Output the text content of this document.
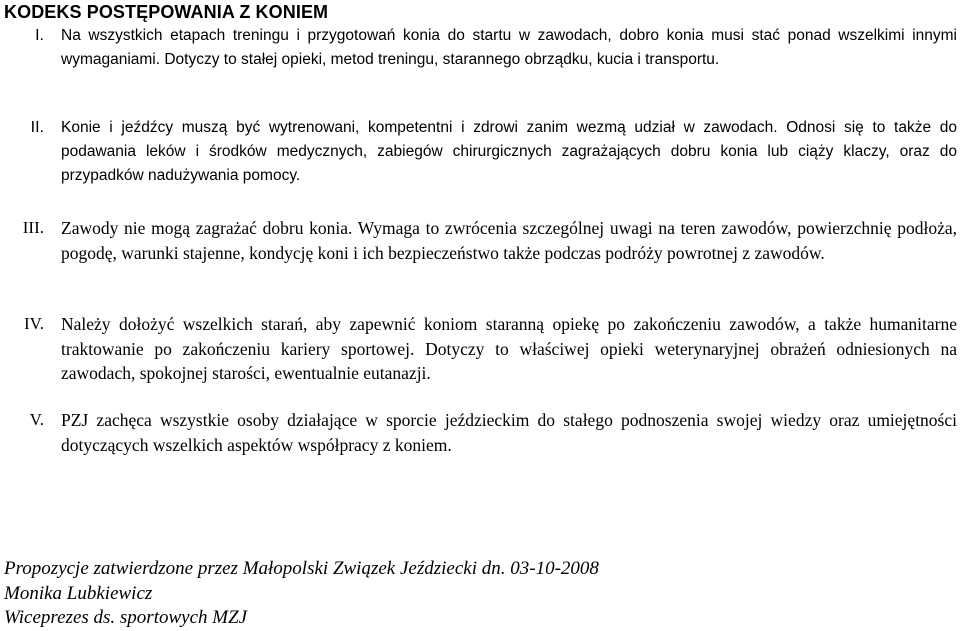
KODEKS POSTĘPOWANIA Z KONIEM
I. Na wszystkich etapach treningu i przygotowań konia do startu w zawodach, dobro konia musi stać ponad wszelkimi innymi wymaganiami. Dotyczy to stałej opieki, metod treningu, starannego obrządku, kucia i transportu.

II. Konie i jeźdźcy muszą być wytrenowani, kompetentni i zdrowi zanim wezmą udział w zawodach. Odnosi się to także do podawania leków i środków medycznych, zabiegów chirurgicznych zagrażających dobru konia lub ciąży klaczy, oraz do przypadków nadużywania pomocy.

III. Zawody nie mogą zagrażać dobru konia. Wymaga to zwrócenia szczególnej uwagi na teren zawodów, powierzchnię podłoża, pogodę, warunki stajenne, kondycję koni i ich bezpieczeństwo także podczas podróży powrotnej z zawodów.

IV. Należy dołożyć wszelkich starań, aby zapewnić koniom staranną opiekę po zakończeniu zawodów, a także humanitarne traktowanie po zakończeniu kariery sportowej. Dotyczy to właściwej opieki weterynaryjnej obrażeń odniesionych na zawodach, spokojnej starości, ewentualnie eutanazji.

V. PZJ zachęca wszystkie osoby działające w sporcie jeździeckim do stałego podnoszenia swojej wiedzy oraz umiejętności dotyczących wszelkich aspektów współpracy z koniem.

Propozycje zatwierdzone przez Małopolski Związek Jeździecki dn. 03-10-2008
Monika Lubkiewicz
Wiceprezes ds. sportowych MZJ
